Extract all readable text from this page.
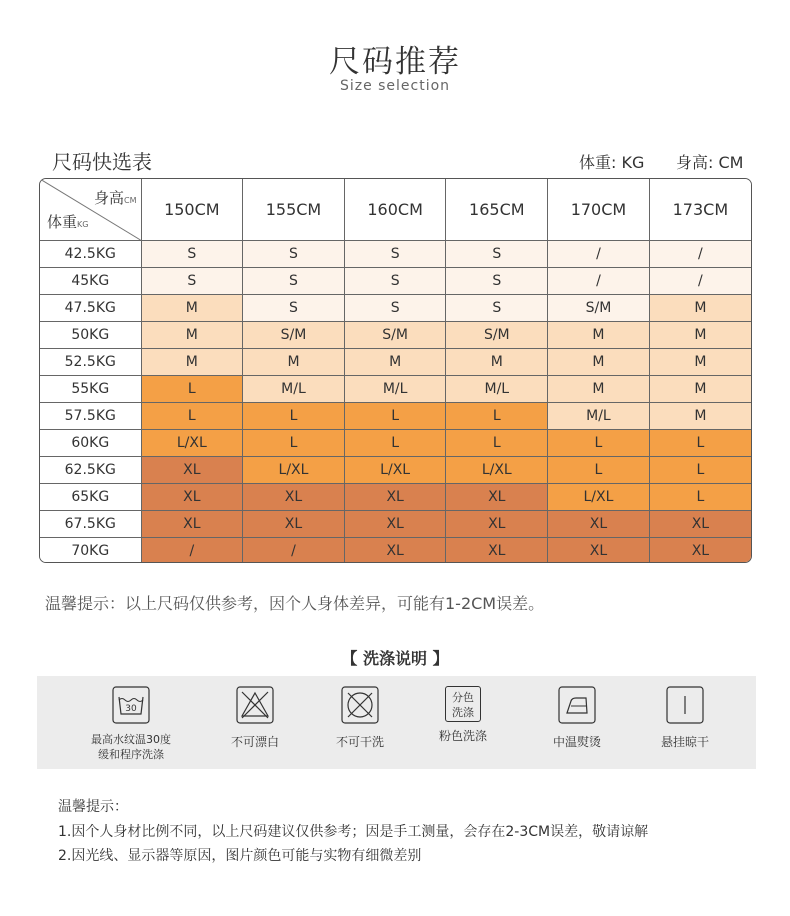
尺码推荐
Size selection
尺码快选表	体重: KG 身高: CM
身高CM
体重KG	150CM	155CM	160CM	165CM	170CM	173CM
42.5KG	S	S	S	S	/	/
45KG	S	S	S	S	/	/
47.5KG	M	S	S	S	S/M	M
50KG	M	S/M	S/M	S/M	M	M
52.5KG	M	M	M	M	M	M
55KG	L	M/L	M/L	M/L	M	M
57.5KG	L	L	L	L	M/L	M
60KG	L/XL	L	L	L	L	L
62.5KG	XL	L/XL	L/XL	L/XL	L	L
65KG	XL	XL	XL	XL	L/XL	L
67.5KG	XL	XL	XL	XL	XL	XL
70KG	/	/	XL	XL	XL	XL
温馨提示：以上尺码仅供参考，因个人身体差异，可能有1-2CM误差。
【 洗涤说明 】
30
最高水纹温30度
缓和程序洗涤
不可漂白	不可干洗
分色
洗涤
粉色洗涤	中温熨烫	悬挂晾干
温馨提示：
1.因个人身材比例不同，以上尺码建议仅供参考；因是手工测量，会存在2-3CM误差，敬请谅解
2.因光线、显示器等原因，图片颜色可能与实物有细微差别
